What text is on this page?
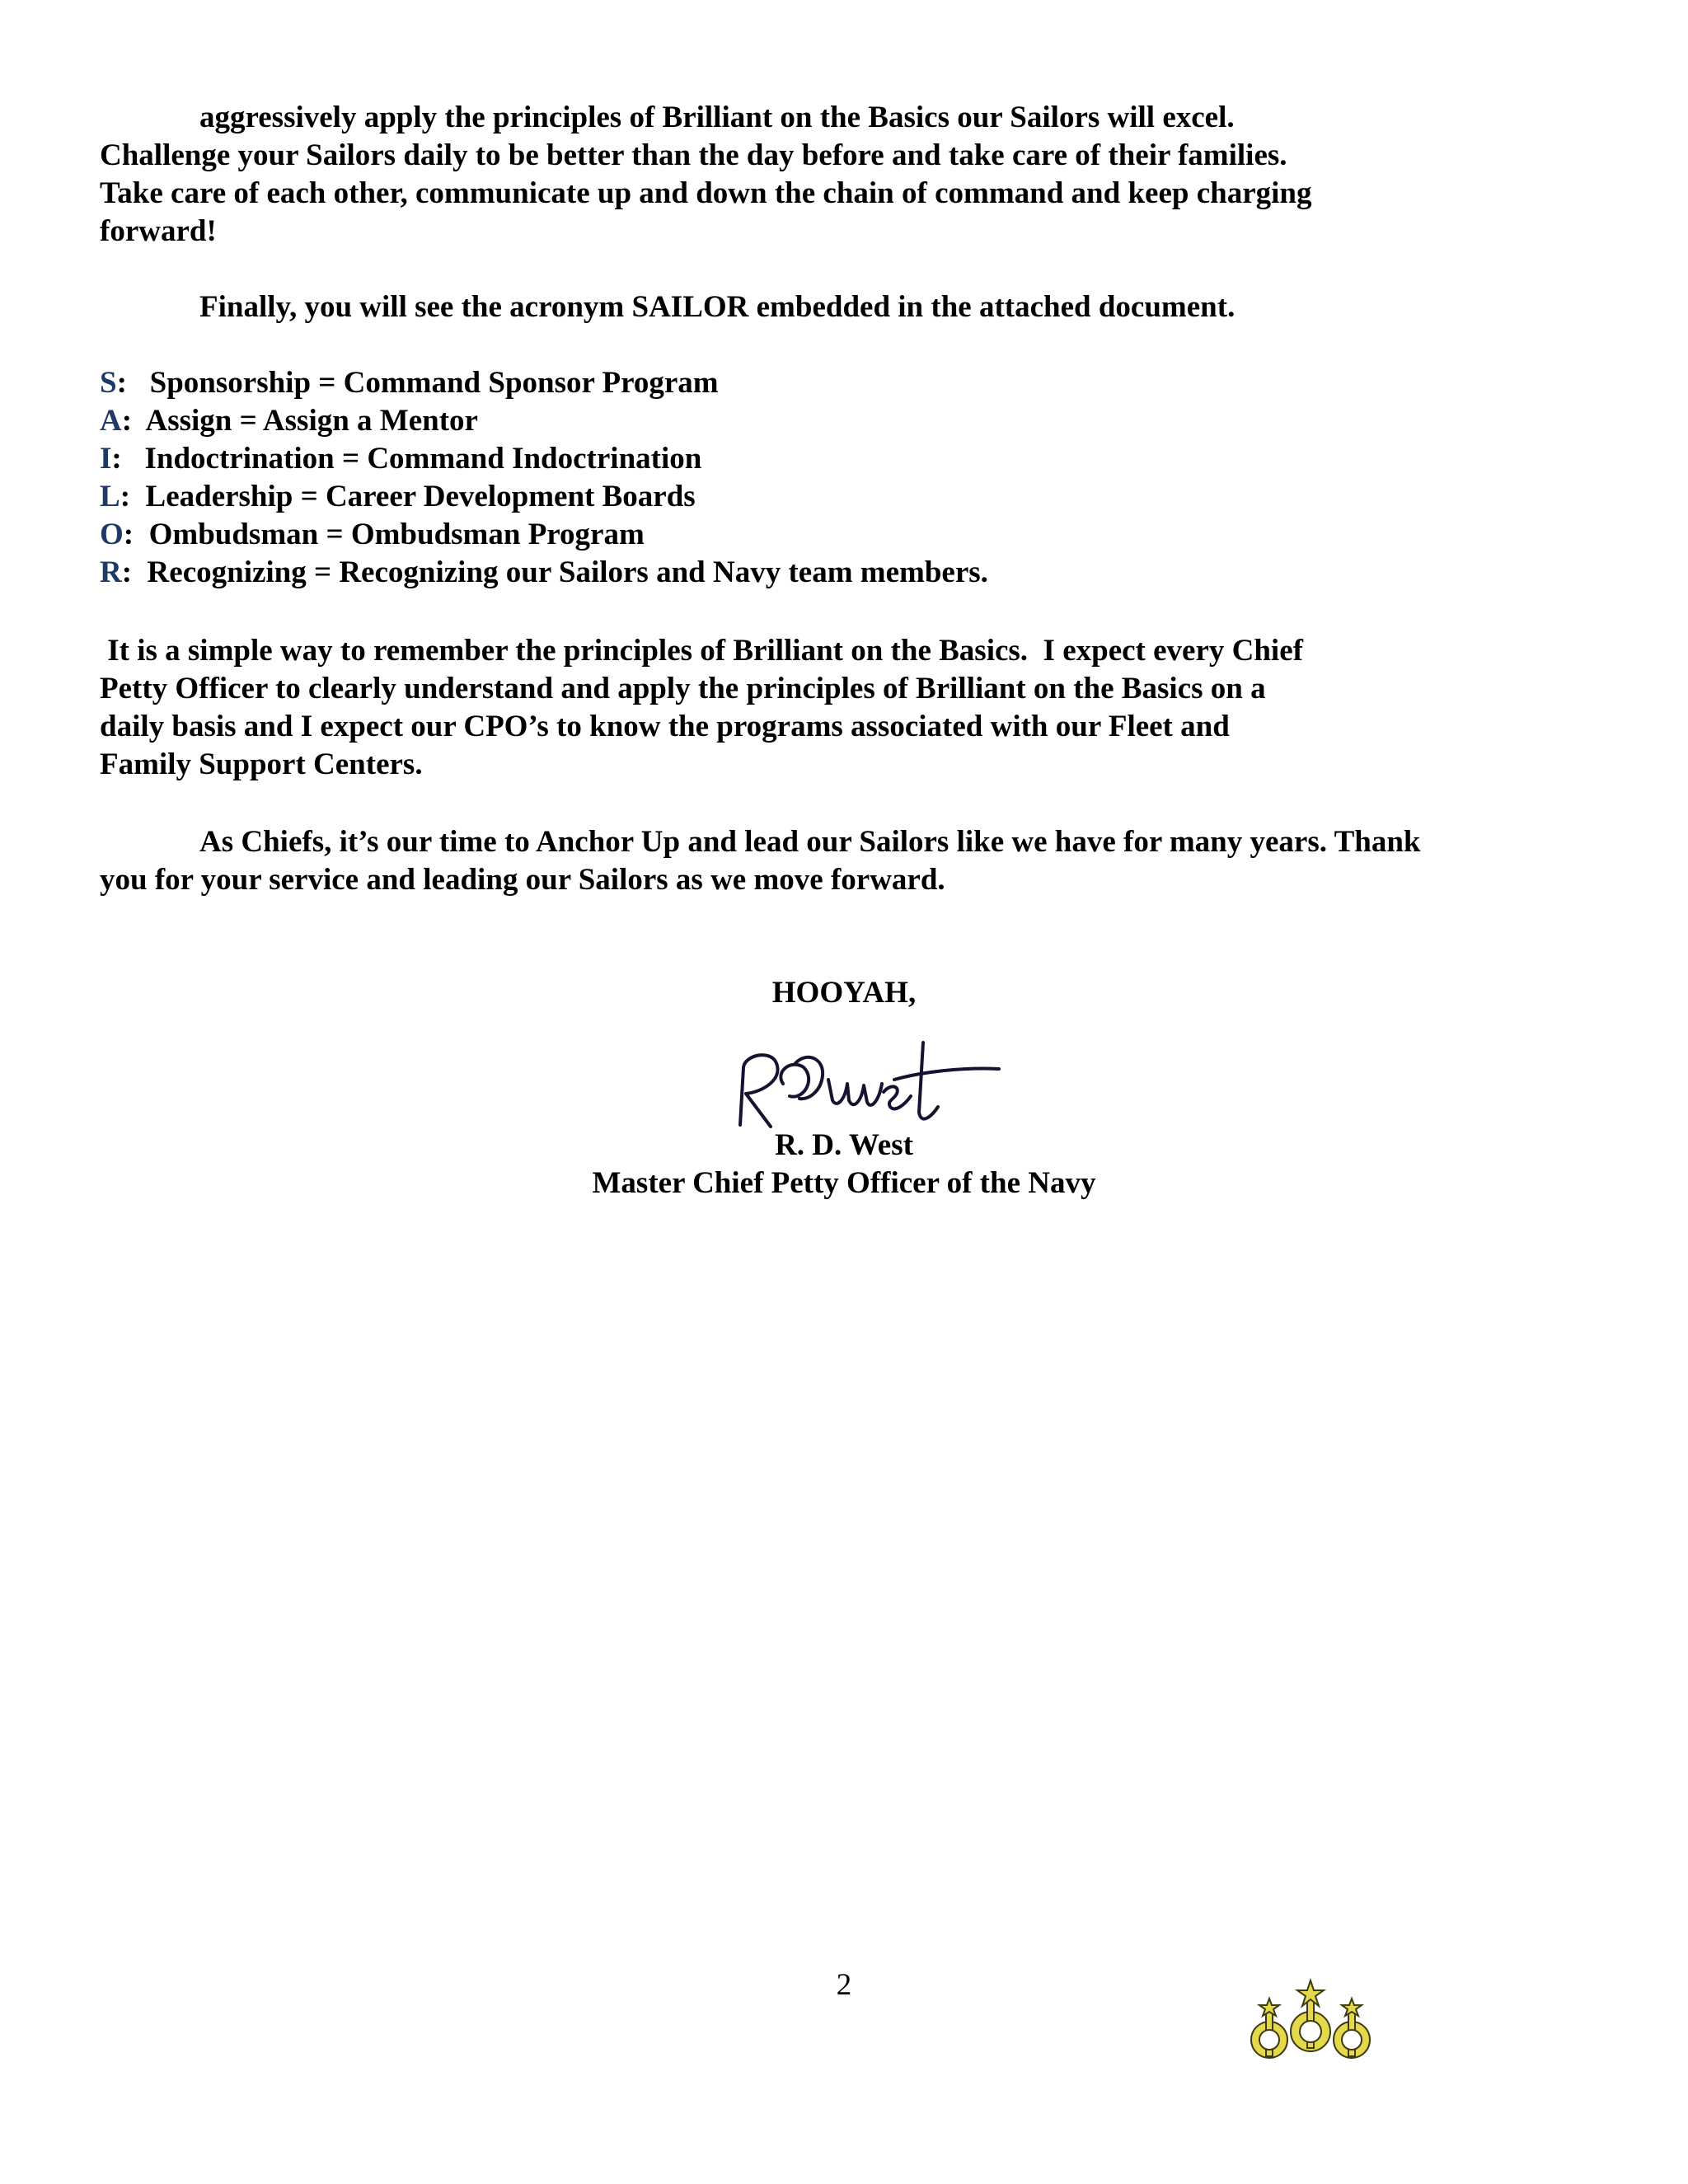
aggressively apply the principles of Brilliant on the Basics our Sailors will excel.
Challenge your Sailors daily to be better than the day before and take care of their families.
Take care of each other, communicate up and down the chain of command and keep charging
forward!
Finally, you will see the acronym SAILOR embedded in the attached document.
S:   Sponsorship = Command Sponsor Program
A:  Assign = Assign a Mentor
I:   Indoctrination = Command Indoctrination
L:  Leadership = Career Development Boards
O:  Ombudsman = Ombudsman Program
R:  Recognizing = Recognizing our Sailors and Navy team members.
It is a simple way to remember the principles of Brilliant on the Basics.  I expect every Chief
Petty Officer to clearly understand and apply the principles of Brilliant on the Basics on a
daily basis and I expect our CPO’s to know the programs associated with our Fleet and
Family Support Centers.
As Chiefs, it’s our time to Anchor Up and lead our Sailors like we have for many years. Thank
you for your service and leading our Sailors as we move forward.
HOOYAH,
R. D. West
Master Chief Petty Officer of the Navy
2
